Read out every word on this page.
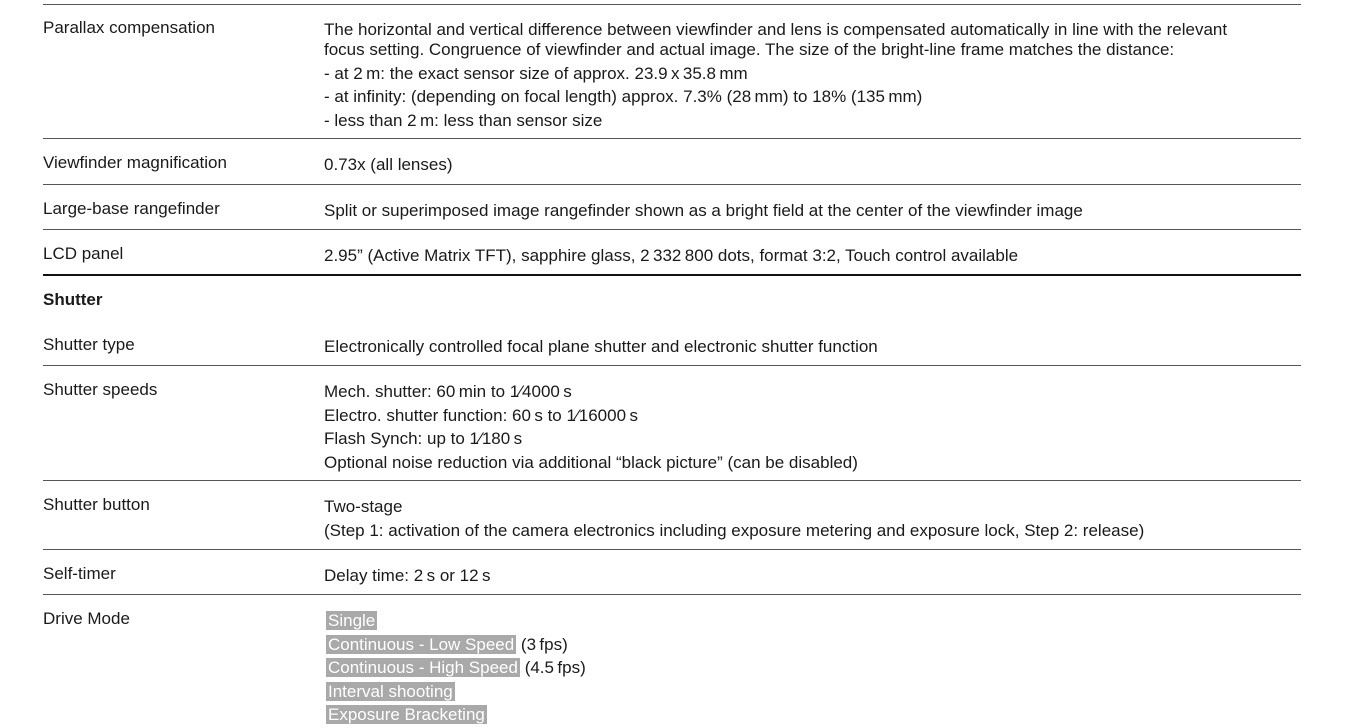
Parallax compensation	The horizontal and vertical difference between viewfinder and lens is compensated automatically in line with the relevant
focus setting. Congruence of viewfinder and actual image. The size of the bright-line frame matches the distance:
- at 2 m: the exact sensor size of approx. 23.9 x 35.8 mm
- at infinity: (depending on focal length) approx. 7.3% (28 mm) to 18% (135 mm)
- less than 2 m: less than sensor size
Viewfinder magnification	0.73x (all lenses)
Large-base rangefinder	Split or superimposed image rangefinder shown as a bright field at the center of the viewfinder image
LCD panel	2.95” (Active Matrix TFT), sapphire glass, 2 332 800 dots, format 3:2, Touch control available
Shutter
Shutter type	Electronically controlled focal plane shutter and electronic shutter function
Shutter speeds	Mech. shutter: 60 min to 1⁄4000 s
Electro. shutter function: 60 s to 1⁄16000 s
Flash Synch: up to 1⁄180 s
Optional noise reduction via additional “black picture” (can be disabled)
Shutter button	Two-stage
(Step 1: activation of the camera electronics including exposure metering and exposure lock, Step 2: release)
Self-timer	Delay time: 2 s or 12 s
Drive Mode	Single
Continuous - Low Speed (3 fps)
Continuous - High Speed (4.5 fps)
Interval shooting
Exposure Bracketing
